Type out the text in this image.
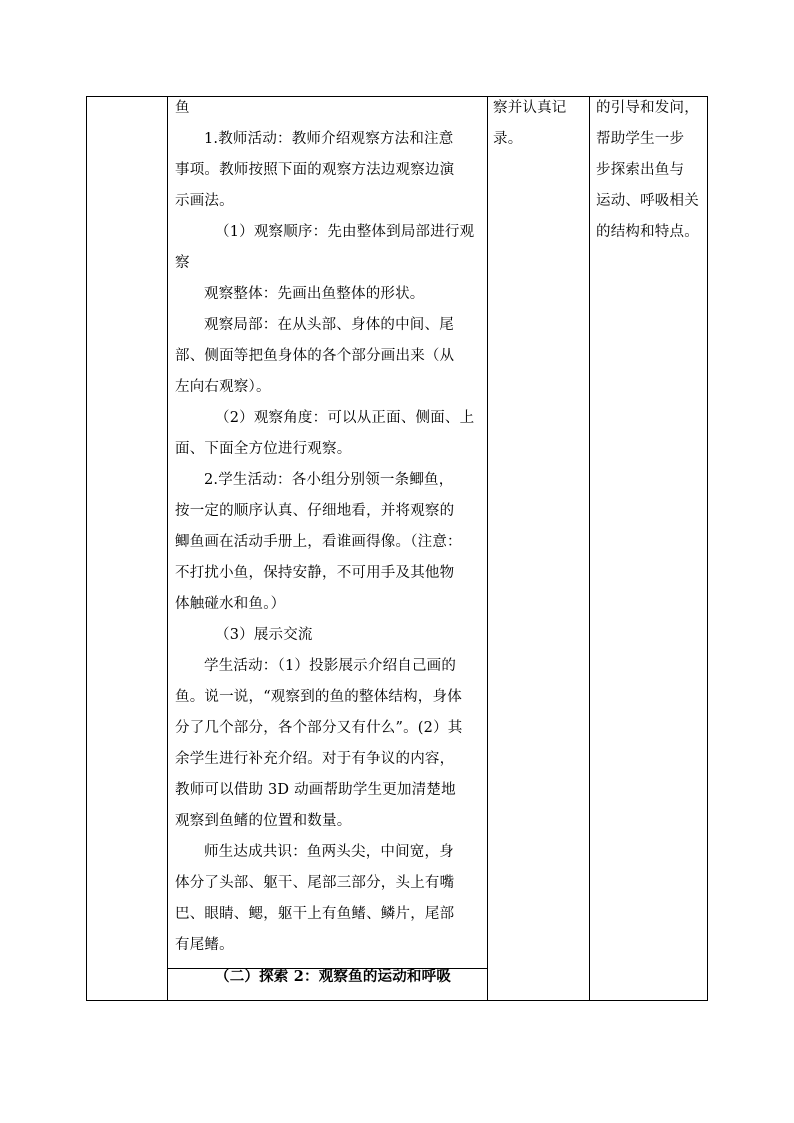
鱼

1.教师活动：教师介绍观察方法和注意

事项。教师按照下面的观察方法边观察边演

示画法。

（1）观察顺序：先由整体到局部进行观

察

观察整体：先画出鱼整体的形状。

观察局部：在从头部、身体的中间、尾

部、侧面等把鱼身体的各个部分画出来（从

左向右观察）。

（2）观察角度：可以从正面、侧面、上

面、下面全方位进行观察。

2.学生活动：各小组分别领一条鲫鱼，

按一定的顺序认真、仔细地看，并将观察的

鲫鱼画在活动手册上，看谁画得像。（注意：

不打扰小鱼，保持安静，不可用手及其他物

体触碰水和鱼。）

（3）展示交流

学生活动：（1）投影展示介绍自己画的

鱼。说一说，“观察到的鱼的整体结构，身体

分了几个部分，各个部分又有什么”。(2）其

余学生进行补充介绍。对于有争议的内容，

教师可以借助 3D 动画帮助学生更加清楚地

观察到鱼鳍的位置和数量。

师生达成共识：鱼两头尖，中间宽，身

体分了头部、躯干、尾部三部分，头上有嘴

巴、眼睛、鳃，躯干上有鱼鳍、鳞片，尾部

有尾鳍。

（二）探索 2：观察鱼的运动和呼吸

察并认真记

录。

的引导和发问，

帮助学生一步

步探索出鱼与

运动、呼吸相关

的结构和特点。
